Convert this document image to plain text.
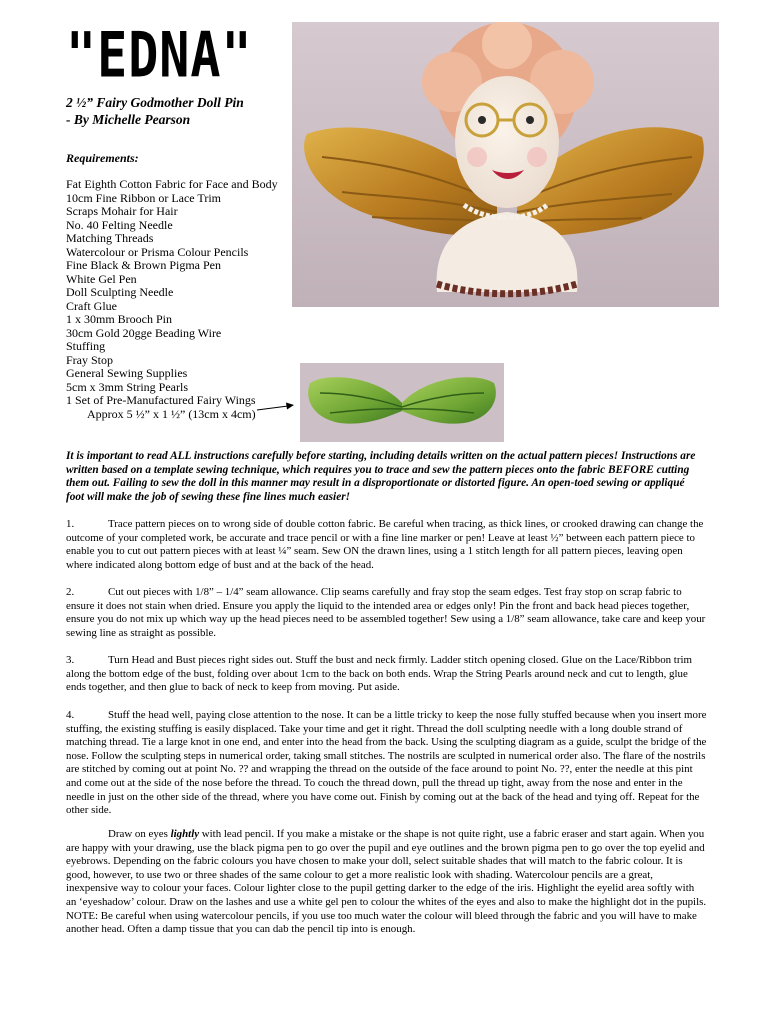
"EDNA"
2 ½” Fairy Godmother Doll Pin
- By Michelle Pearson
Requirements:
Fat Eighth Cotton Fabric for Face and Body
10cm Fine Ribbon or Lace Trim
Scraps Mohair for Hair
No. 40 Felting Needle
Matching Threads
Watercolour or Prisma Colour Pencils
Fine Black & Brown Pigma Pen
White Gel Pen
Doll Sculpting Needle
Craft Glue
1 x 30mm Brooch Pin
30cm Gold 20gge Beading Wire
Stuffing
Fray Stop
General Sewing Supplies
5cm x 3mm String Pearls
1 Set of Pre-Manufactured Fairy Wings
Approx 5 ½” x 1 ½” (13cm x 4cm)

It is important to read ALL instructions carefully before starting, including details written on the actual pattern pieces! Instructions are written based on a template sewing technique, which requires you to trace and sew the pattern pieces onto the fabric BEFORE cutting them out. Failing to sew the doll in this manner may result in a disproportionate or distorted figure. An open-toed sewing or appliqué foot will make the job of sewing these fine lines much easier!

1.	Trace pattern pieces on to wrong side of double cotton fabric. Be careful when tracing, as thick lines, or crooked drawing can change the outcome of your completed work, be accurate and trace pencil or with a fine line marker or pen! Leave at least ½” between each pattern piece to enable you to cut out pattern pieces with at least ¼” seam. Sew ON the drawn lines, using a 1 stitch length for all pattern pieces, leaving open where indicated along bottom edge of bust and at the back of the head.

2.	Cut out pieces with 1/8” – 1/4” seam allowance. Clip seams carefully and fray stop the seam edges. Test fray stop on scrap fabric to ensure it does not stain when dried. Ensure you apply the liquid to the intended area or edges only! Pin the front and back head pieces together, ensure you do not mix up which way up the head pieces need to be assembled together! Sew using a 1/8” seam allowance, take care and keep your sewing line as straight as possible.

3.	Turn Head and Bust pieces right sides out. Stuff the bust and neck firmly. Ladder stitch opening closed. Glue on the Lace/Ribbon trim along the bottom edge of the bust, folding over about 1cm to the back on both ends. Wrap the String Pearls around neck and cut to length, glue ends together, and then glue to back of neck to keep from moving. Put aside.

4.	Stuff the head well, paying close attention to the nose. It can be a little tricky to keep the nose fully stuffed because when you insert more stuffing, the existing stuffing is easily displaced. Take your time and get it right. Thread the doll sculpting needle with a long double strand of matching thread. Tie a large knot in one end, and enter into the head from the back. Using the sculpting diagram as a guide, sculpt the bridge of the nose. Follow the sculpting steps in numerical order, taking small stitches. The nostrils are sculpted in numerical order also. The flare of the nostrils are stitched by coming out at point No. ?? and wrapping the thread on the outside of the face around to point No. ??, enter the needle at this pint and come out at the side of the nose before the thread. To couch the thread down, pull the thread up tight, away from the nose and enter in the needle in just on the other side of the thread, where you have come out. Finish by coming out at the back of the head and tying off. Repeat for the other side.

Draw on eyes lightly with lead pencil. If you make a mistake or the shape is not quite right, use a fabric eraser and start again. When you are happy with your drawing, use the black pigma pen to go over the pupil and eye outlines and the brown pigma pen to go over the top eyelid and eyebrows. Depending on the fabric colours you have chosen to make your doll, select suitable shades that will match to the fabric colour. It is good, however, to use two or three shades of the same colour to get a more realistic look with shading. Watercolour pencils are a great, inexpensive way to colour your faces. Colour lighter close to the pupil getting darker to the edge of the iris. Highlight the eyelid area softly with an ‘eyeshadow’ colour. Draw on the lashes and use a white gel pen to colour the whites of the eyes and also to make the highlight dot in the pupils. NOTE: Be careful when using watercolour pencils, if you use too much water the colour will bleed through the fabric and you will have to make another head. Often a damp tissue that you can dab the pencil tip into is enough.
